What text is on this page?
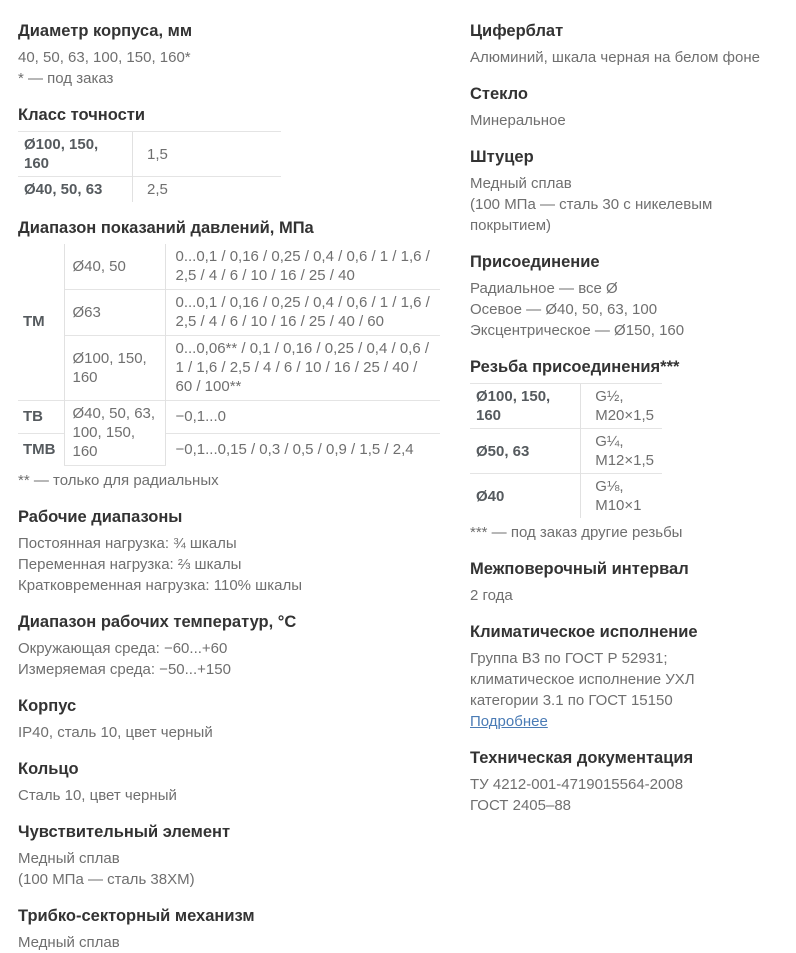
Диаметр корпуса, мм

40, 50, 63, 100, 150, 160*

* — под заказ

Класс точности
Ø100, 150, 160	1,5
Ø40, 50, 63	2,5
Диапазон показаний давлений, МПа
ТМ	Ø40, 50	0...0,1 / 0,16 / 0,25 / 0,4 / 0,6 / 1 / 1,6 / 2,5 / 4 / 6 / 10 / 16 / 25 / 40
	Ø63	0...0,1 / 0,16 / 0,25 / 0,4 / 0,6 / 1 / 1,6 / 2,5 / 4 / 6 / 10 / 16 / 25 / 40 / 60
	Ø100, 150, 160	0...0,06** / 0,1 / 0,16 / 0,25 / 0,4 / 0,6 / 1 / 1,6 / 2,5 / 4 / 6 / 10 / 16 / 25 / 40 / 60 / 100**
ТВ	Ø40, 50, 63, 100, 150, 160	−0,1...0
ТМВ		−0,1...0,15 / 0,3 / 0,5 / 0,9 / 1,5 / 2,4

** — только для радиальных

Рабочие диапазоны

Постоянная нагрузка: ¾ шкалы

Переменная нагрузка: ⅔ шкалы

Кратковременная нагрузка: 110% шкалы

Диапазон рабочих температур, °С

Окружающая среда: −60...+60

Измеряемая среда: −50...+150

Корпус

IP40, сталь 10, цвет черный

Кольцо

Сталь 10, цвет черный

Чувствительный элемент

Медный сплав

(100 МПа — сталь 38ХМ)

Трибко-секторный механизм

Медный сплав

Циферблат

Алюминий, шкала черная на белом фоне

Стекло

Минеральное

Штуцер

Медный сплав

(100 МПа — сталь 30 с никелевым покрытием)

Присоединение

Радиальное — все Ø

Осевое — Ø40, 50, 63, 100

Эксцентрическое — Ø150, 160

Резьба присоединения***
Ø100, 150, 160	G½, M20×1,5
Ø50, 63	G¼, M12×1,5
Ø40	G⅛, M10×1

*** — под заказ другие резьбы

Межповерочный интервал

2 года

Климатическое исполнение

Группа В3 по ГОСТ Р 52931;

климатическое исполнение УХЛ

категории 3.1 по ГОСТ 15150

Подробнее
Техническая документация

ТУ 4212-001-4719015564-2008

ГОСТ 2405–88
